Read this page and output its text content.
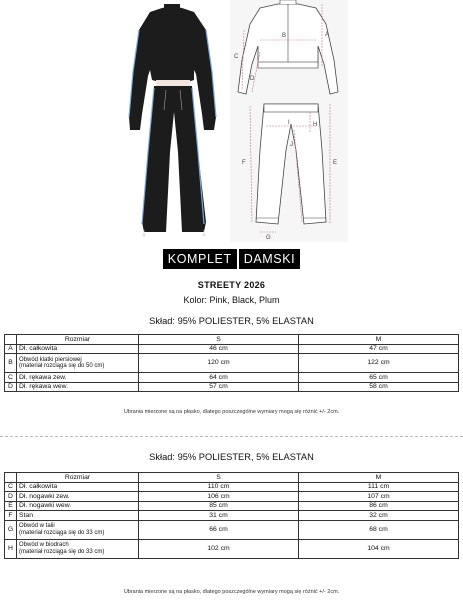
A
B
C
D
E
F
G
H
I
J
KOMPLET DAMSKI
STREETY 2026
Kolor: Pink, Black, Plum
Skład: 95% POLIESTER, 5% ELASTAN
	Rozmiar	S	M
A	Dł. całkowita	46 cm	47 cm
B	Obwód klatki piersiowej
(materiał rozciąga się do 50 cm)	120 cm	122 cm
C	Dł. rękawa zew.	64 cm	65 cm
D	Dł. rękawa wew.	57 cm	58 cm
Ubrania mierzone są na płasko, dlatego poszczególne wymiary mogą się różnić +/- 2cm.
Skład: 95% POLIESTER, 5% ELASTAN
	Rozmiar	S	M
C	Dł. całkowita	110 cm	111 cm
D	Dł. nogawki zew.	106 cm	107 cm
E	Dł. nogawki wew.	85 cm	86 cm
F	Stan	31 cm	32 cm
G	Obwód w talii
(materiał rozciąga się do 33 cm)	66 cm	68 cm
H	Obwód w biodrach
(materiał rozciąga się do 33 cm)	102 cm	104 cm
Ubrania mierzone są na płasko, dlatego poszczególne wymiary mogą się różnić +/- 2cm.
